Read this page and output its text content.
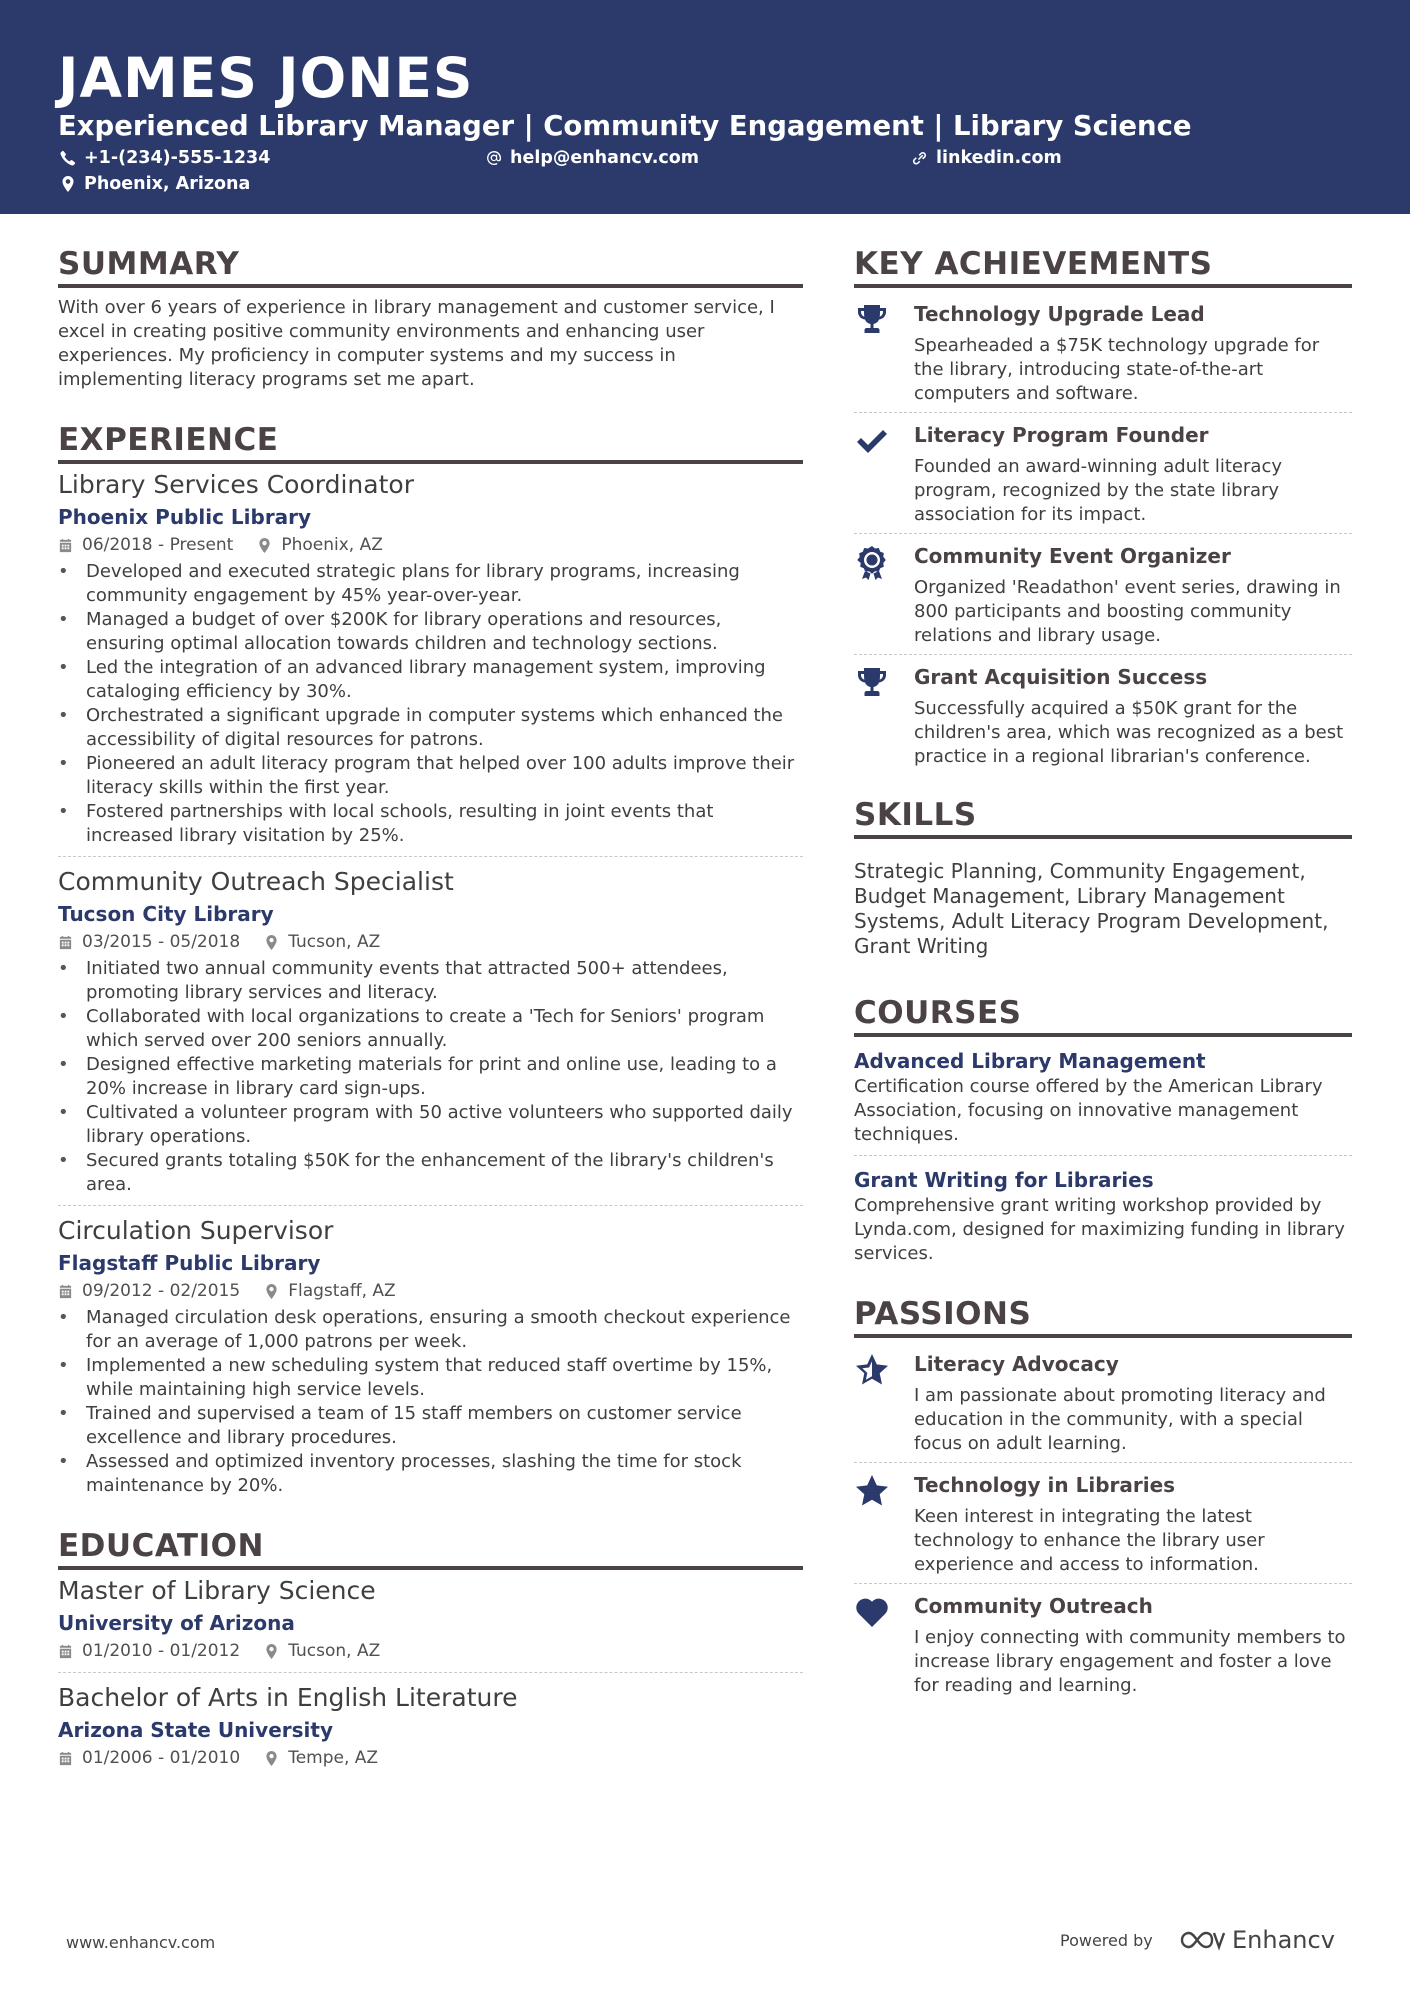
JAMES JONES
Experienced Library Manager | Community Engagement | Library Science
+1-(234)-555-1234	help@enhancv.com	linkedin.com
Phoenix, Arizona
SUMMARY
With over 6 years of experience in library management and customer service, I excel in creating positive community environments and enhancing user experiences. My proficiency in computer systems and my success in implementing literacy programs set me apart.
EXPERIENCE
Library Services Coordinator
Phoenix Public Library
06/2018 - Present	Phoenix, AZ
• Developed and executed strategic plans for library programs, increasing community engagement by 45% year-over-year.
• Managed a budget of over $200K for library operations and resources, ensuring optimal allocation towards children and technology sections.
• Led the integration of an advanced library management system, improving cataloging efficiency by 30%.
• Orchestrated a significant upgrade in computer systems which enhanced the accessibility of digital resources for patrons.
• Pioneered an adult literacy program that helped over 100 adults improve their literacy skills within the first year.
• Fostered partnerships with local schools, resulting in joint events that increased library visitation by 25%.
Community Outreach Specialist
Tucson City Library
03/2015 - 05/2018	Tucson, AZ
• Initiated two annual community events that attracted 500+ attendees, promoting library services and literacy.
• Collaborated with local organizations to create a 'Tech for Seniors' program which served over 200 seniors annually.
• Designed effective marketing materials for print and online use, leading to a 20% increase in library card sign-ups.
• Cultivated a volunteer program with 50 active volunteers who supported daily library operations.
• Secured grants totaling $50K for the enhancement of the library's children's area.
Circulation Supervisor
Flagstaff Public Library
09/2012 - 02/2015	Flagstaff, AZ
• Managed circulation desk operations, ensuring a smooth checkout experience for an average of 1,000 patrons per week.
• Implemented a new scheduling system that reduced staff overtime by 15%, while maintaining high service levels.
• Trained and supervised a team of 15 staff members on customer service excellence and library procedures.
• Assessed and optimized inventory processes, slashing the time for stock maintenance by 20%.
EDUCATION
Master of Library Science
University of Arizona
01/2010 - 01/2012	Tucson, AZ
Bachelor of Arts in English Literature
Arizona State University
01/2006 - 01/2010	Tempe, AZ
KEY ACHIEVEMENTS
Technology Upgrade Lead
Spearheaded a $75K technology upgrade for the library, introducing state-of-the-art computers and software.
Literacy Program Founder
Founded an award-winning adult literacy program, recognized by the state library association for its impact.
Community Event Organizer
Organized 'Readathon' event series, drawing in 800 participants and boosting community relations and library usage.
Grant Acquisition Success
Successfully acquired a $50K grant for the children's area, which was recognized as a best practice in a regional librarian's conference.
SKILLS
Strategic Planning, Community Engagement, Budget Management, Library Management Systems, Adult Literacy Program Development, Grant Writing
COURSES
Advanced Library Management
Certification course offered by the American Library Association, focusing on innovative management techniques.
Grant Writing for Libraries
Comprehensive grant writing workshop provided by Lynda.com, designed for maximizing funding in library services.
PASSIONS
Literacy Advocacy
I am passionate about promoting literacy and education in the community, with a special focus on adult learning.
Technology in Libraries
Keen interest in integrating the latest technology to enhance the library user experience and access to information.
Community Outreach
I enjoy connecting with community members to increase library engagement and foster a love for reading and learning.
www.enhancv.com	Powered by	Enhancv
